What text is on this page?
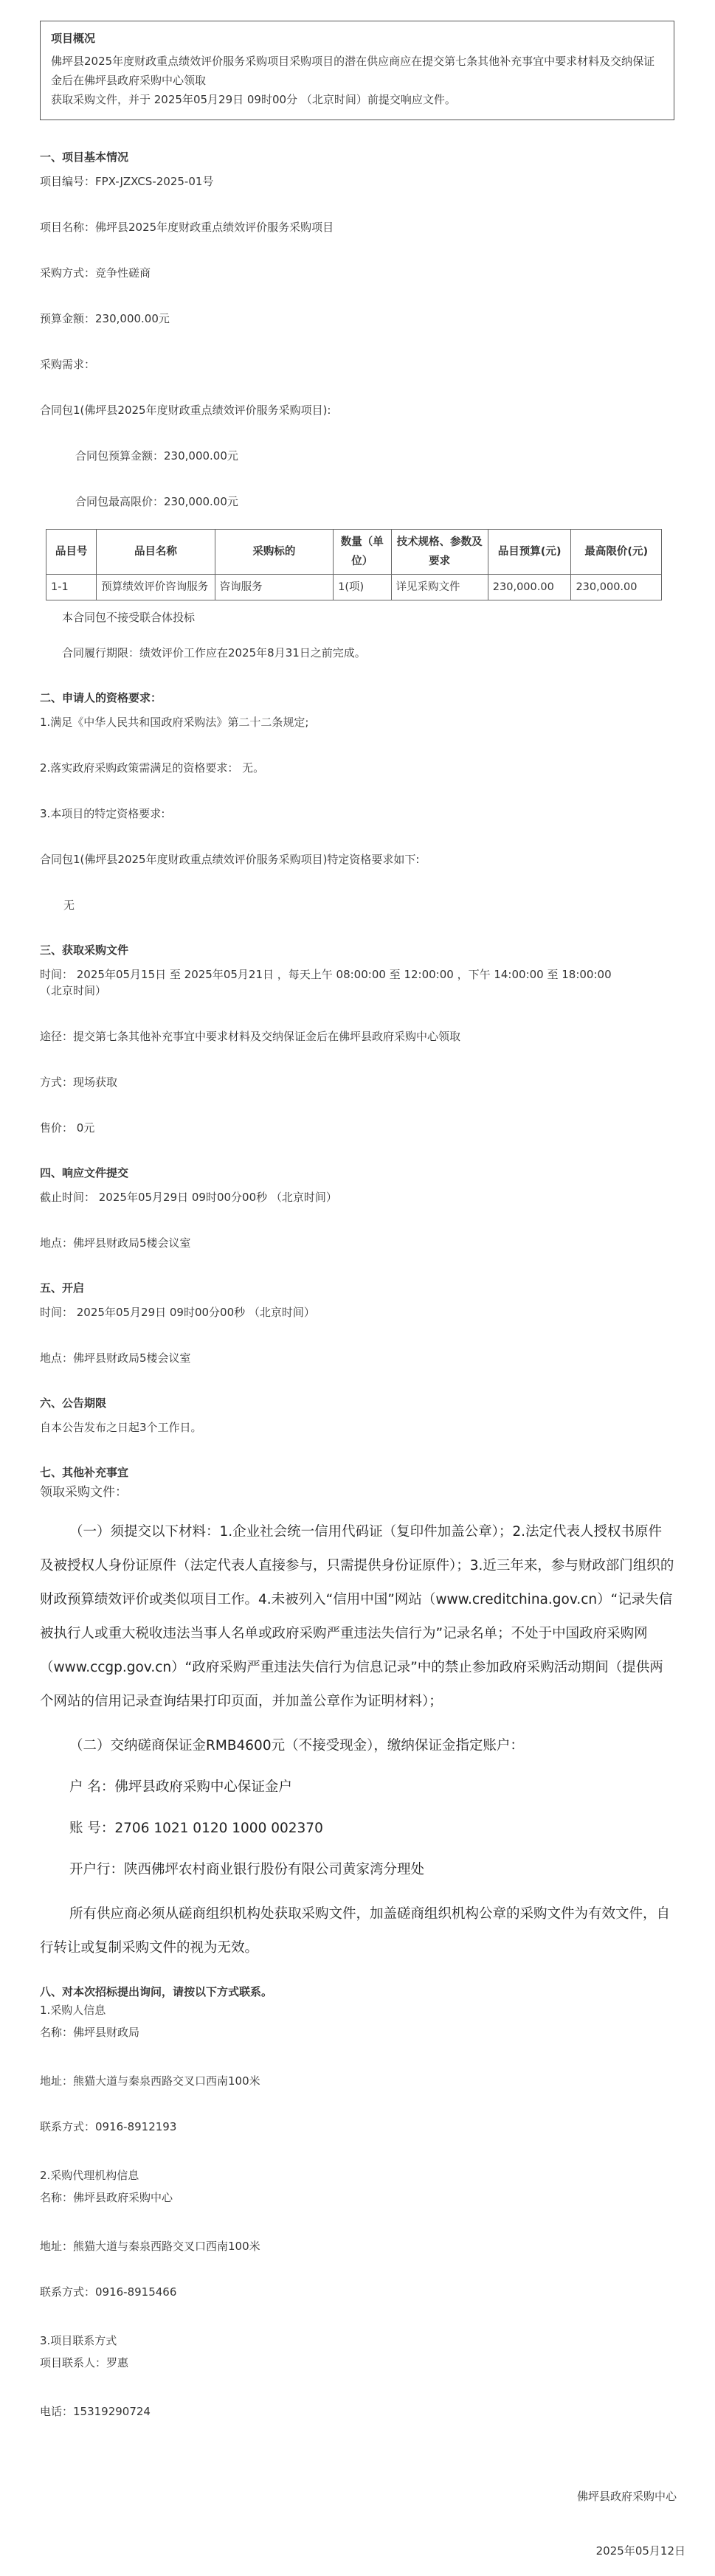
项目概况

佛坪县2025年度财政重点绩效评价服务采购项目采购项目的潜在供应商应在提交第七条其他补充事宜中要求材料及交纳保证金后在佛坪县政府采购中心领取

获取采购文件，并于 2025年05月29日 09时00分 （北京时间）前提交响应文件。

一、项目基本情况

项目编号：FPX-JZXCS-2025-01号

项目名称：佛坪县2025年度财政重点绩效评价服务采购项目

采购方式：竞争性磋商

预算金额：230,000.00元

采购需求：

合同包1(佛坪县2025年度财政重点绩效评价服务采购项目):

合同包预算金额：230,000.00元

合同包最高限价：230,000.00元

品目号	品目名称	采购标的	数量（单位）	技术规格、参数及要求	品目预算(元)	最高限价(元)
1-1	预算绩效评价咨询服务	咨询服务	1(项)	详见采购文件	230,000.00	230,000.00

本合同包不接受联合体投标

合同履行期限：绩效评价工作应在2025年8月31日之前完成。

二、申请人的资格要求：

1.满足《中华人民共和国政府采购法》第二十二条规定;

2.落实政府采购政策需满足的资格要求： 无。

3.本项目的特定资格要求:

合同包1(佛坪县2025年度财政重点绩效评价服务采购项目)特定资格要求如下:

无

三、获取采购文件

时间： 2025年05月15日 至 2025年05月21日 ，每天上午 08:00:00 至 12:00:00 ，下午 14:00:00 至 18:00:00

（北京时间）

途径：提交第七条其他补充事宜中要求材料及交纳保证金后在佛坪县政府采购中心领取

方式：现场获取

售价： 0元

四、响应文件提交

截止时间： 2025年05月29日 09时00分00秒 （北京时间）

地点：佛坪县财政局5楼会议室

五、开启

时间： 2025年05月29日 09时00分00秒 （北京时间）

地点：佛坪县财政局5楼会议室

六、公告期限

自本公告发布之日起3个工作日。

七、其他补充事宜

领取采购文件：

（一）须提交以下材料：1.企业社会统一信用代码证（复印件加盖公章）；2.法定代表人授权书原件及被授权人身份证原件（法定代表人直接参与，只需提供身份证原件）；3.近三年来，参与财政部门组织的财政预算绩效评价或类似项目工作。4.未被列入“信用中国”网站（www.creditchina.gov.cn）“记录失信被执行人或重大税收违法当事人名单或政府采购严重违法失信行为”记录名单；不处于中国政府采购网（www.ccgp.gov.cn）“政府采购严重违法失信行为信息记录”中的禁止参加政府采购活动期间（提供两个网站的信用记录查询结果打印页面，并加盖公章作为证明材料）；

（二）交纳磋商保证金RMB4600元（不接受现金），缴纳保证金指定账户：

户 名：佛坪县政府采购中心保证金户

账 号：2706 1021 0120 1000 002370

开户行：陕西佛坪农村商业银行股份有限公司黄家湾分理处

所有供应商必须从磋商组织机构处获取采购文件，加盖磋商组织机构公章的采购文件为有效文件，自行转让或复制采购文件的视为无效。

八、对本次招标提出询问，请按以下方式联系。

1.采购人信息

名称：佛坪县财政局

地址：熊猫大道与秦泉西路交叉口西南100米

联系方式：0916-8912193

2.采购代理机构信息

名称：佛坪县政府采购中心

地址：熊猫大道与秦泉西路交叉口西南100米

联系方式：0916-8915466

3.项目联系方式

项目联系人：罗惠

电话：15319290724

佛坪县政府采购中心
2025年05月12日
